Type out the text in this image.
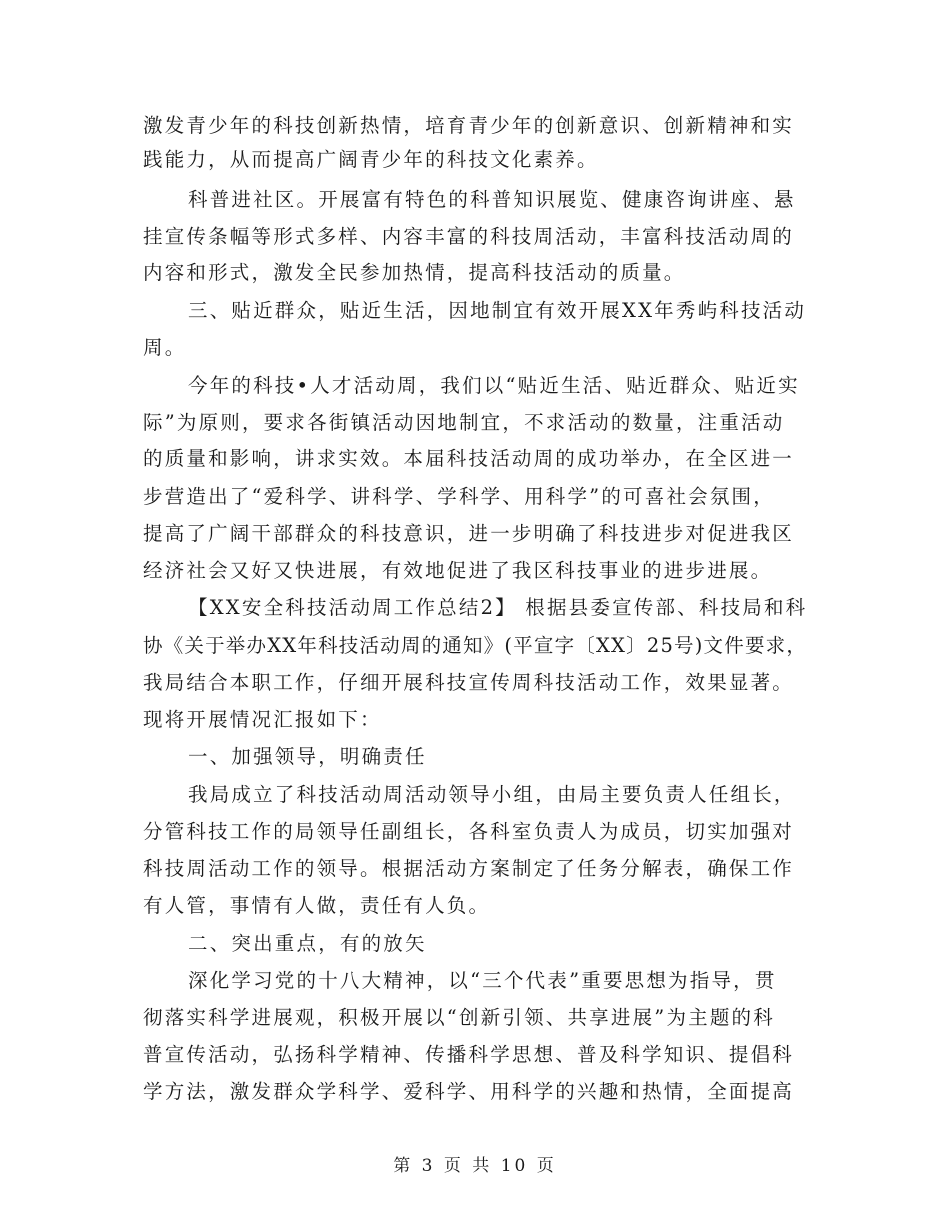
激发青少年的科技创新热情，培育青少年的创新意识、创新精神和实
践能力，从而提高广阔青少年的科技文化素养。
科普进社区。开展富有特色的科普知识展览、健康咨询讲座、悬
挂宣传条幅等形式多样、内容丰富的科技周活动，丰富科技活动周的
内容和形式，激发全民参加热情，提高科技活动的质量。
三、贴近群众，贴近生活，因地制宜有效开展XX年秀屿科技活动
周。
今年的科技•人才活动周，我们以“贴近生活、贴近群众、贴近实
际”为原则，要求各街镇活动因地制宜，不求活动的数量，注重活动
的质量和影响，讲求实效。本届科技活动周的成功举办，在全区进一
步营造出了“爱科学、讲科学、学科学、用科学”的可喜社会氛围，
提高了广阔干部群众的科技意识，进一步明确了科技进步对促进我区
经济社会又好又快进展，有效地促进了我区科技事业的进步进展。
【XX安全科技活动周工作总结2】 根据县委宣传部、科技局和科
协《关于举办XX年科技活动周的通知》(平宣字〔XX〕25号)文件要求，
我局结合本职工作，仔细开展科技宣传周科技活动工作，效果显著。
现将开展情况汇报如下：
一、加强领导，明确责任
我局成立了科技活动周活动领导小组，由局主要负责人任组长，
分管科技工作的局领导任副组长，各科室负责人为成员，切实加强对
科技周活动工作的领导。根据活动方案制定了任务分解表，确保工作
有人管，事情有人做，责任有人负。
二、突出重点，有的放矢
深化学习党的十八大精神，以“三个代表”重要思想为指导，贯
彻落实科学进展观，积极开展以“创新引领、共享进展”为主题的科
普宣传活动，弘扬科学精神、传播科学思想、普及科学知识、提倡科
学方法，激发群众学科学、爱科学、用科学的兴趣和热情，全面提高
第 3 页 共 10 页
